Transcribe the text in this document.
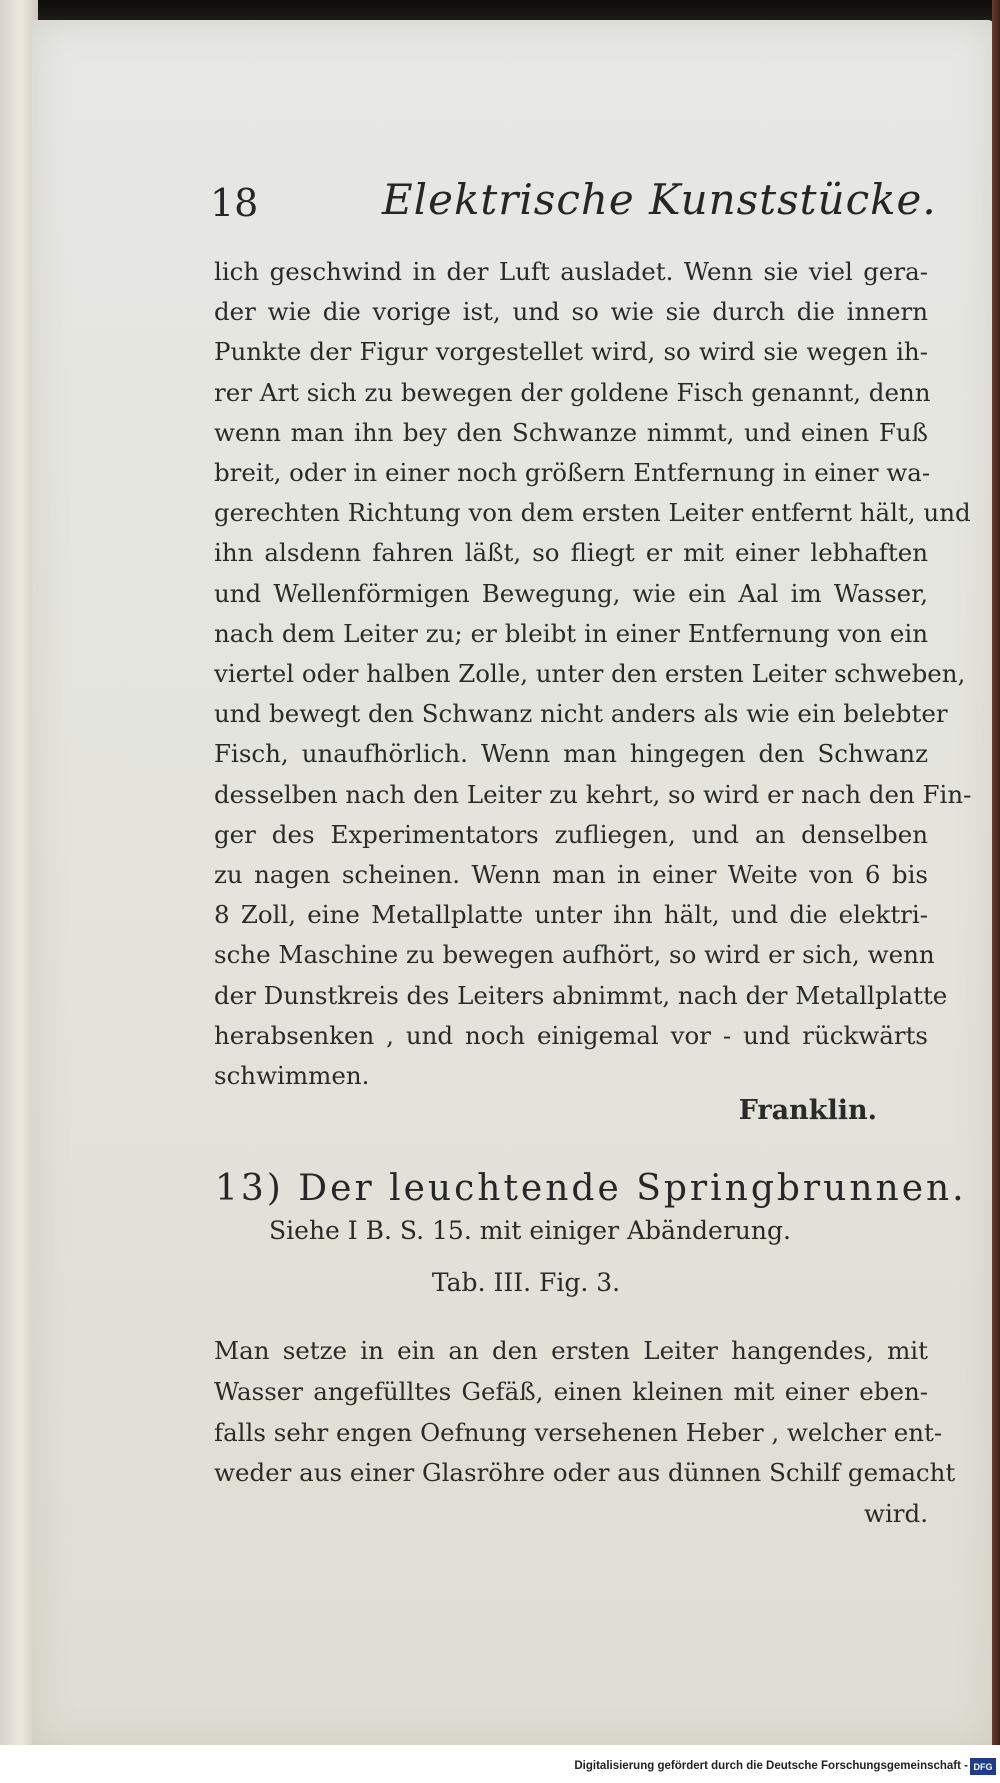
18	Elektrische Kunststücke.
lich geschwind in der Luft ausladet. Wenn sie viel gera-
der wie die vorige ist, und so wie sie durch die innern
Punkte der Figur vorgestellet wird, so wird sie wegen ih-
rer Art sich zu bewegen der goldene Fisch genannt, denn
wenn man ihn bey den Schwanze nimmt, und einen Fuß
breit, oder in einer noch größern Entfernung in einer wa-
gerechten Richtung von dem ersten Leiter entfernt hält, und
ihn alsdenn fahren läßt, so fliegt er mit einer lebhaften
und Wellenförmigen Bewegung, wie ein Aal im Wasser,
nach dem Leiter zu; er bleibt in einer Entfernung von ein
viertel oder halben Zolle, unter den ersten Leiter schweben,
und bewegt den Schwanz nicht anders als wie ein belebter
Fisch, unaufhörlich. Wenn man hingegen den Schwanz
desselben nach den Leiter zu kehrt, so wird er nach den Fin-
ger des Experimentators zufliegen, und an denselben
zu nagen scheinen. Wenn man in einer Weite von 6 bis
8 Zoll, eine Metallplatte unter ihn hält, und die elektri-
sche Maschine zu bewegen aufhört, so wird er sich, wenn
der Dunstkreis des Leiters abnimmt, nach der Metallplatte
herabsenken , und noch einigemal vor - und rückwärts
schwimmen.
Franklin.
13) Der leuchtende Springbrunnen.
Siehe I B. S. 15. mit einiger Abänderung.
Tab. III. Fig. 3.
Man setze in ein an den ersten Leiter hangendes, mit
Wasser angefülltes Gefäß, einen kleinen mit einer eben-
falls sehr engen Oefnung versehenen Heber , welcher ent-
weder aus einer Glasröhre oder aus dünnen Schilf gemacht
wird.
Digitalisierung gefördert durch die Deutsche Forschungsgemeinschaft - DFG
